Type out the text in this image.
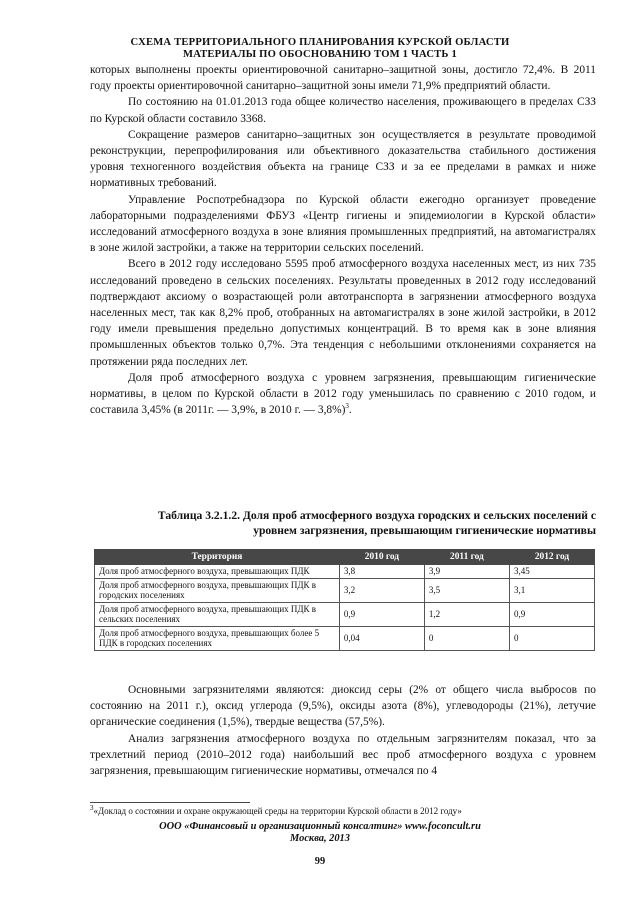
СХЕМА ТЕРРИТОРИАЛЬНОГО ПЛАНИРОВАНИЯ КУРСКОЙ ОБЛАСТИ
МАТЕРИАЛЫ ПО ОБОСНОВАНИЮ ТОМ 1 ЧАСТЬ 1

которых выполнены проекты ориентировочной санитарно–защитной зоны, достигло 72,4%. В 2011 году проекты ориентировочной санитарно–защитной зоны имели 71,9% предприятий области.

По состоянию на 01.01.2013 года общее количество населения, проживающего в пределах СЗЗ по Курской области составило 3368.

Сокращение размеров санитарно–защитных зон осуществляется в результате проводимой реконструкции, перепрофилирования или объективного доказательства стабильного достижения уровня техногенного воздействия объекта на границе СЗЗ и за ее пределами в рамках и ниже нормативных требований.

Управление Роспотребнадзора по Курской области ежегодно организует проведение лабораторными подразделениями ФБУЗ «Центр гигиены и эпидемиологии в Курской области» исследований атмосферного воздуха в зоне влияния промышленных предприятий, на автомагистралях в зоне жилой застройки, а также на территории сельских поселений.

Всего в 2012 году исследовано 5595 проб атмосферного воздуха населенных мест, из них 735 исследований проведено в сельских поселениях. Результаты проведенных в 2012 году исследований подтверждают аксиому о возрастающей роли автотранспорта в загрязнении атмосферного воздуха населенных мест, так как 8,2% проб, отобранных на автомагистралях в зоне жилой застройки, в 2012 году имели превышения предельно допустимых концентраций. В то время как в зоне влияния промышленных объектов только 0,7%. Эта тенденция с небольшими отклонениями сохраняется на протяжении ряда последних лет.

Доля проб атмосферного воздуха с уровнем загрязнения, превышающим гигиенические нормативы, в целом по Курской области в 2012 году уменьшилась по сравнению с 2010 годом, и составила 3,45% (в 2011г. — 3,9%, в 2010 г. — 3,8%)$^3$.

Таблица 3.2.1.2. Доля проб атмосферного воздуха городских и сельских поселений с
уровнем загрязнения, превышающим гигиенические нормативы
Территория	2010 год	2011 год	2012 год
Доля проб атмосферного воздуха, превышающих ПДК	3,8	3,9	3,45
Доля проб атмосферного воздуха, превышающих ПДК в городских поселениях	3,2	3,5	3,1
Доля проб атмосферного воздуха, превышающих ПДК в сельских поселениях	0,9	1,2	0,9
Доля проб атмосферного воздуха, превышающих более 5 ПДК в городских поселениях	0,04	0	0

Основными загрязнителями являются: диоксид серы (2% от общего числа выбросов по состоянию на 2011 г.), оксид углерода (9,5%), оксиды азота (8%), углеводороды (21%), летучие органические соединения (1,5%), твердые вещества (57,5%).

Анализ загрязнения атмосферного воздуха по отдельным загрязнителям показал, что за трехлетний период (2010–2012 года) наибольший вес проб атмосферного воздуха с уровнем загрязнения, превышающим гигиенические нормативы, отмечался по 4

$^3$«Доклад о состоянии и охране окружающей среды на территории Курской области в 2012 году»
ООО «Финансовый и организационный консалтинг» www.foconcult.ru
Москва, 2013
99
